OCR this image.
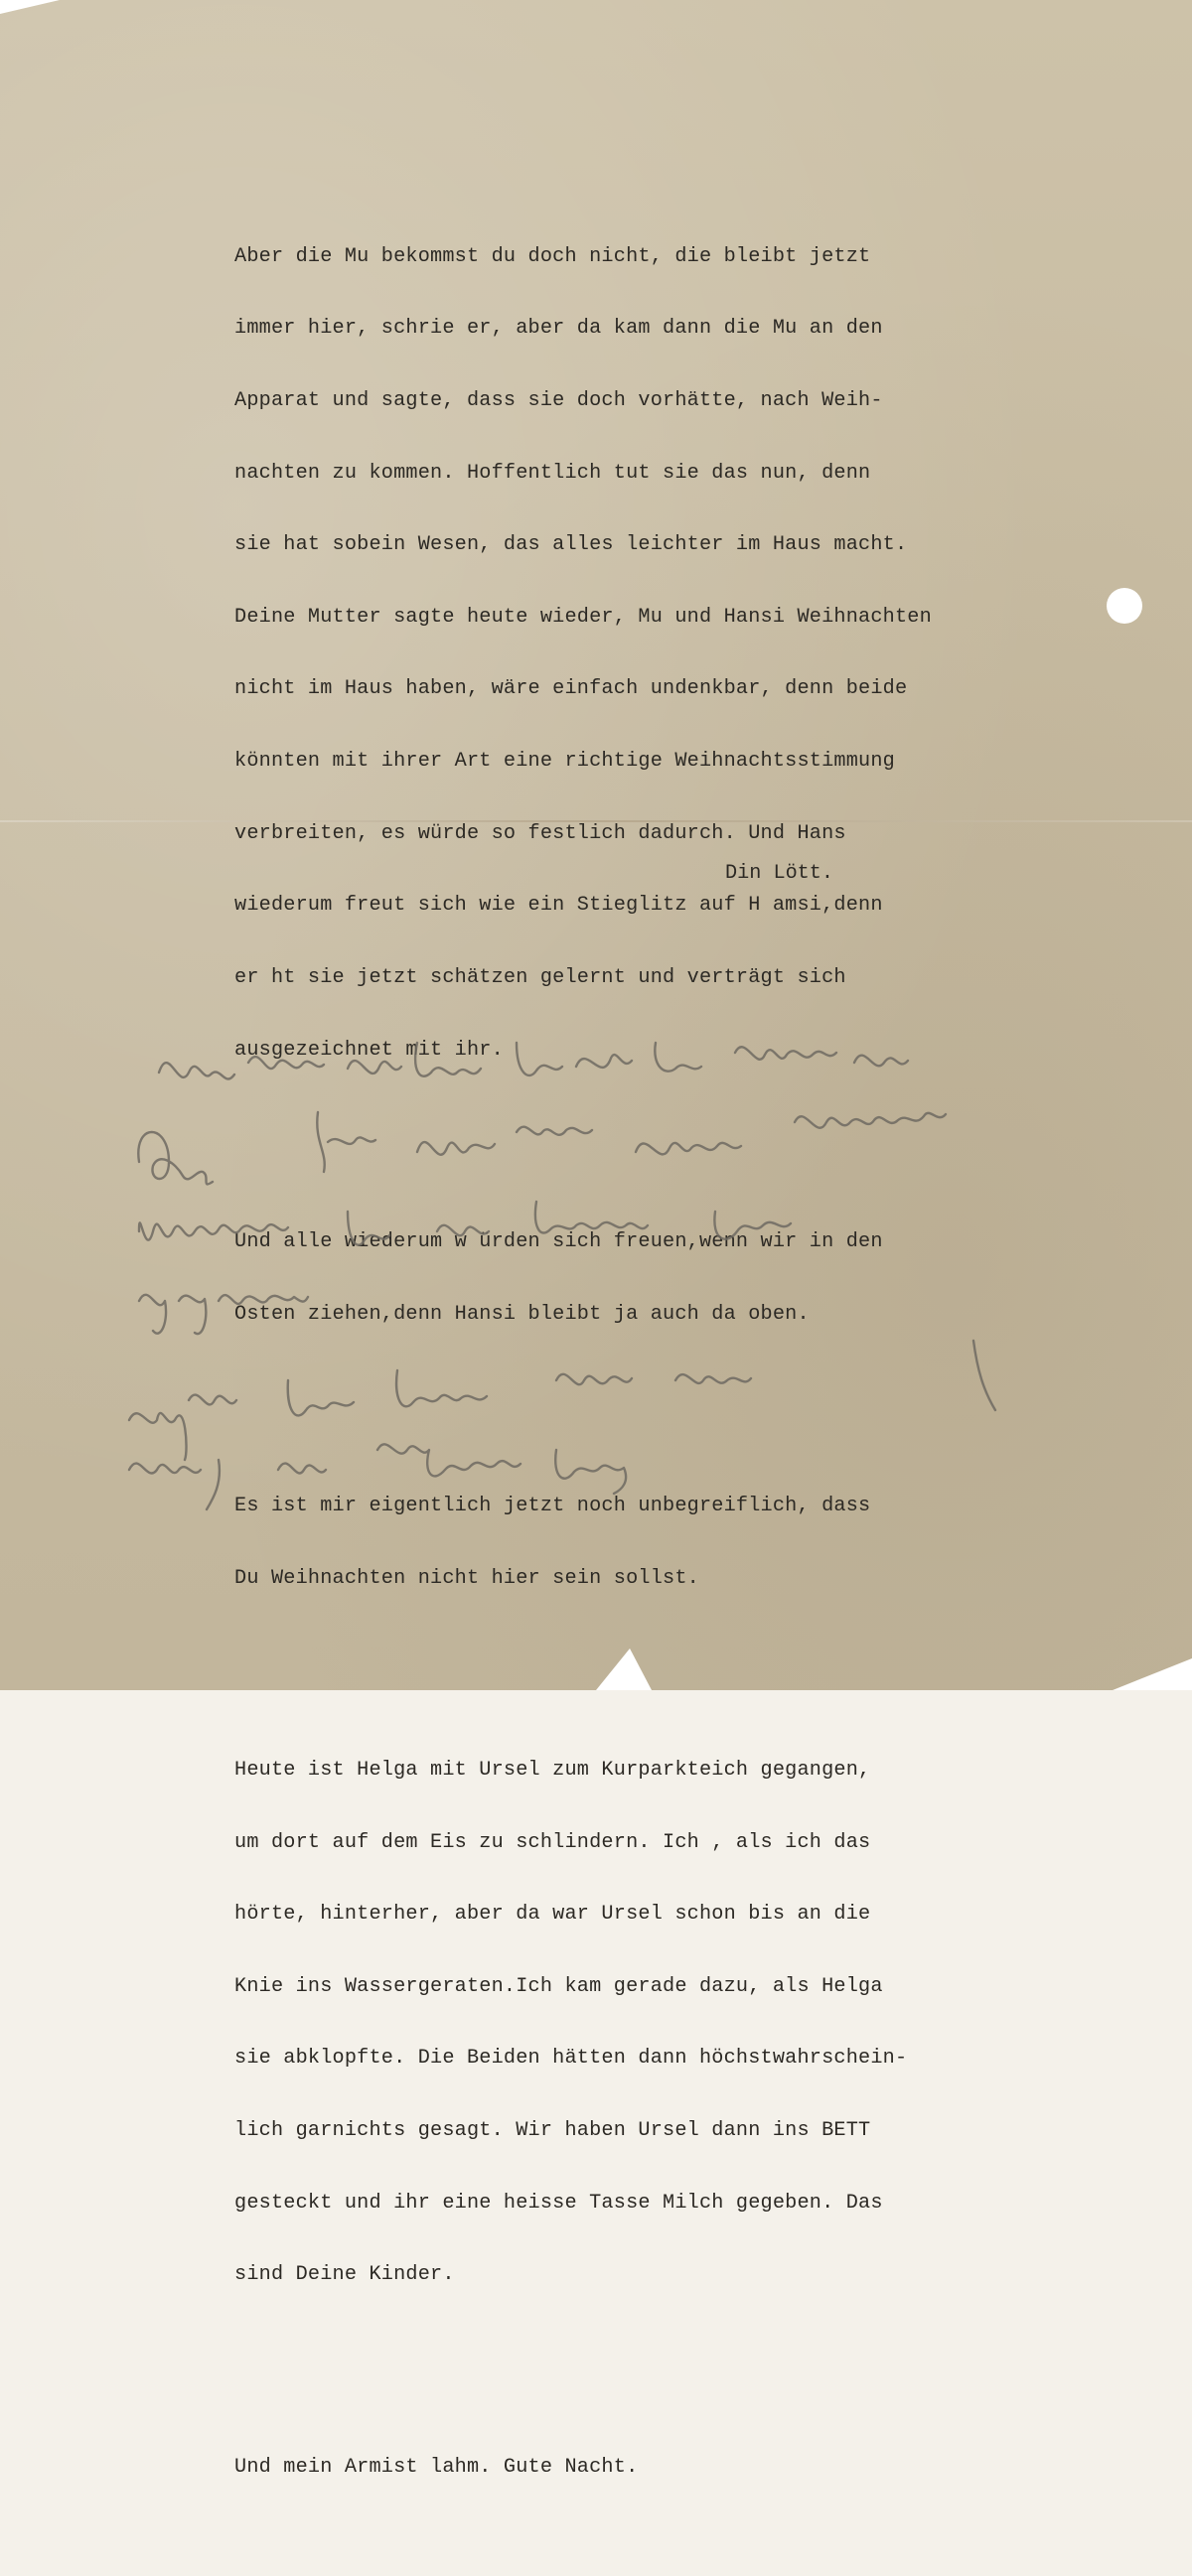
Aber die Mu bekommst du doch nicht, die bleibt jetzt

immer hier, schrie er, aber da kam dann die Mu an den

Apparat und sagte, dass sie doch vorhätte, nach Weih-

nachten zu kommen. Hoffentlich tut sie das nun, denn

sie hat sobein Wesen, das alles leichter im Haus macht.

Deine Mutter sagte heute wieder, Mu und Hansi Weihnachten

nicht im Haus haben, wäre einfach undenkbar, denn beide

könnten mit ihrer Art eine richtige Weihnachtsstimmung

verbreiten, es würde so festlich dadurch. Und Hans

wiederum freut sich wie ein Stieglitz auf H amsi,denn

er ht sie jetzt schätzen gelernt und verträgt sich

ausgezeichnet mit ihr.

Und alle wiederum w ürden sich freuen,wenn wir in den

Osten ziehen,denn Hansi bleibt ja auch da oben.

Es ist mir eigentlich jetzt noch unbegreiflich, dass

Du Weihnachten nicht hier sein sollst.

Heute ist Helga mit Ursel zum Kurparkteich gegangen,

um dort auf dem Eis zu schlindern. Ich , als ich das

hörte, hinterher, aber da war Ursel schon bis an die

Knie ins Wassergeraten.Ich kam gerade dazu, als Helga

sie abklopfte. Die Beiden hätten dann höchstwahrschein-

lich garnichts gesagt. Wir haben Ursel dann ins BETT

gesteckt und ihr eine heisse Tasse Milch gegeben. Das

sind Deine Kinder.

Und mein Armist lahm. Gute Nacht.

Din Lött.
